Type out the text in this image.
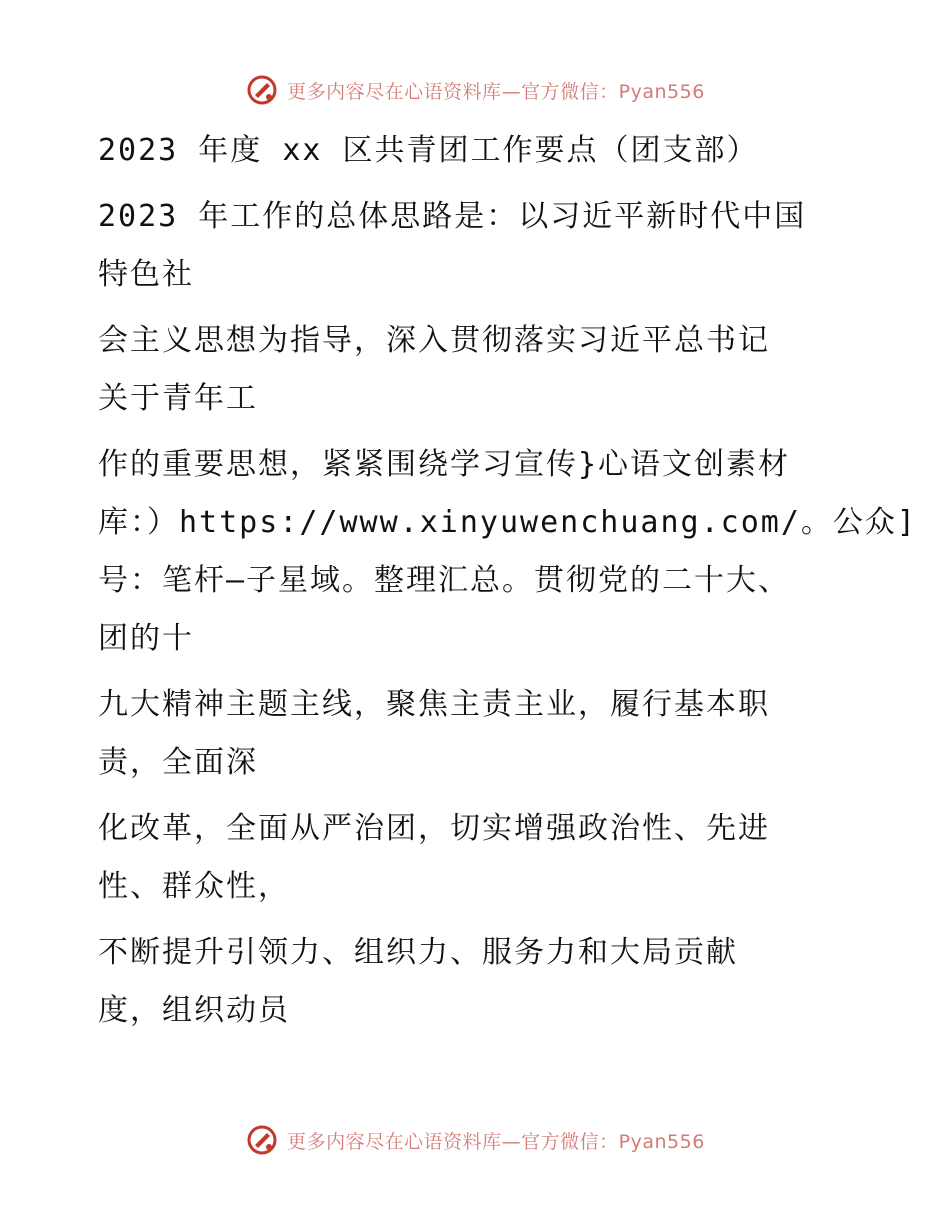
更多内容尽在心语资料库—官方微信：Pyan556
2023 年度 xx 区共青团工作要点（团支部）
2023 年工作的总体思路是：以习近平新时代中国
特色社
会主义思想为指导，深入贯彻落实习近平总书记
关于青年工
作的重要思想，紧紧围绕学习宣传}心语文创素材
库：）https://www.xinyuwenchuang.com/。公众]
号：笔杆—子星域。整理汇总。贯彻党的二十大、
团的十
九大精神主题主线，聚焦主责主业，履行基本职
责，全面深
化改革，全面从严治团，切实增强政治性、先进
性、群众性，
不断提升引领力、组织力、服务力和大局贡献
度，组织动员
更多内容尽在心语资料库—官方微信：Pyan556
